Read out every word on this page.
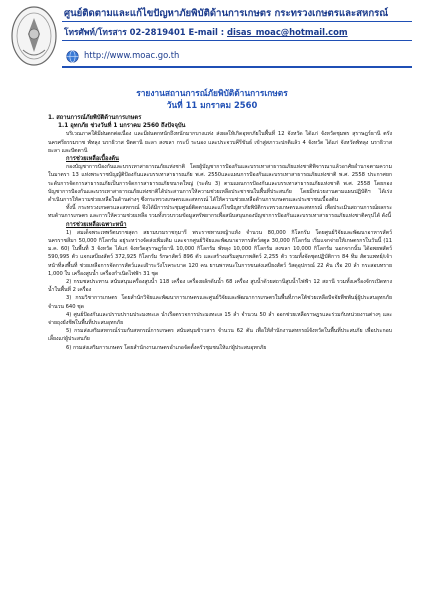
ศูนย์ติดตามและแก้ไขปัญหาภัยพิบัติด้านการเกษตร กระทรวงเกษตรและสหกรณ์
โทรศัพท์/โทรสาร 02-2819401 E-mail : disas_moac@hotmail.com
http://www.moac.go.th
รายงานสถานการณ์ภัยพิบัติด้านการเกษตร
วันที่ 11 มกราคม 2560

1. สถานการณ์ภัยพิบัติด้านการเกษตร

1.1 อุทกภัย ช่วงวันที่ 1 มกราคม 2560 ถึงปัจจุบัน

บริเวณภาคใต้มีฝนตกต่อเนื่อง และมีฝนตกหนักถึงหนักมากบางแห่ง ส่งผลให้เกิดอุทกภัยในพื้นที่ 12 จังหวัด ได้แก่ จังหวัดชุมพร สุราษฎร์ธานี ตรัง นครศรีธรรมราช พัทลุง นราธิวาส ปัตตานี ยะลา สงขลา กระบี่ ระนอง และประจวบคีรีขันธ์ เข้าสู่สภาวะปกติแล้ว 4 จังหวัด ได้แก่ จังหวัดพัทลุง นราธิวาส ยะลา และปัตตานี

การช่วยเหลือเบื้องต้น

กองบัญชาการป้องกันและบรรเทาสาธารณภัยแห่งชาติ โดยผู้บัญชาการป้องกันและบรรเทาสาธารณภัยแห่งชาติพิจารณาแล้วอาศัยอำนาจตามความในมาตรา 13 แห่งพระราชบัญญัติป้องกันและบรรเทาสาธารณภัย พ.ศ. 2550และแผนการป้องกันและบรรเทาสาธารณภัยแห่งชาติ พ.ศ. 2558 ประกาศยกระดับการจัดการสาธารณภัยเป็นการจัดการสาธารณภัยขนาดใหญ่ (ระดับ 3) ตามแผนการป้องกันและบรรเทาสาธารณภัยแห่งชาติ พ.ศ. 2558 โดยกองบัญชาการป้องกันและบรรเทาสาธารณภัยแห่งชาติได้ประสานการให้ความช่วยเหลือประชาชนในพื้นที่ประสบภัย โดยมีหน่วยงานตามแผนปฏิบัติฯ ได้เร่งดำเนินการให้ความช่วยเหลือในด้านต่างๆ ซึ่งกระทรวงเกษตรและสหกรณ์ ได้ให้ความช่วยเหลือด้านการเกษตรและประชาชนเบื้องต้น

ทั้งนี้ กระทรวงเกษตรและสหกรณ์ จึงได้มีการประชุมศูนย์ติดตามและแก้ไขปัญหาภัยพิบัติกระทรวงเกษตรและสหกรณ์ เพื่อประเมินสถานการณ์ผลกระทบด้านการเกษตร และการให้ความช่วยเหลือ รวมทั้งรวบรวมข้อมูลทรัพยากรเพื่อสนับสนุนกองบัญชาการป้องกันและบรรเทาสาธารณภัยแห่งชาติครุปได้ ดังนี้

การช่วยเหลือเฉพาะหน้า

1) สมเด็จพระเทพรัตนราชสุดา สยามบรมราชกุมารี พระราชทานหญ้าแห้ง จำนวน 80,000 กิโลกรัม โดยศูนย์วิจัยและพัฒนาอาหารสัตว์นครราชสีมา 50,000 กิโลกรัม อยู่ระหว่างจัดส่งเพิ่มเติม และจากศูนย์วิจัยและพัฒนาอาหารสัตว์สตูล 30,000 กิโลกรัม เริ่มแจกจ่ายให้เกษตรกรในวันนี้ (11 ม.ค. 60) ในพื้นที่ 3 จังหวัด ได้แก่ จังหวัดสุราษฎร์ธานี 10,000 กิโลกรัม พัทลุง 10,000 กิโลกรัม สงขลา 10,000 กิโลกรัม นอกจากนั้น ได้อพยพสัตว์ 590,995 ตัว แจกเสบียงสัตว์ 372,925 กิโลกรัม รักษาสัตว์ 896 ตัว และสร้างเสริมสุขภาพสัตว์ 2,255 ตัว รวมทั้งจัดชุดปฏิบัติการ 84 ทีม สัตวแพทย์/เจ้าหน้าที่ลงพื้นที่ ช่วยเหลือการจัดการสัตว์และเฝ้าระวังโรคระบาด 120 คน ยานพาหนะในการขนส่งเสบียงสัตว์ วัสดุอุปกรณ์ 22 คัน เรือ 20 ลำ กระสอบทราย 1,000 ใบ เครื่องสูบน้ำ เครื่องกำเนิดไฟฟ้า 31 ชุด

2) กรมชลประทาน สนับสนุนเครื่องสูบน้ำ 118 เครื่อง เครื่องผลักดันน้ำ 68 เครื่อง สูบน้ำด้วยสถานีสูบน้ำไฟฟ้า 12 สถานี รวมทั้งเครื่องจักรเปิดทางน้ำในพื้นที่ 2 เครื่อง

3) กรมวิชาการเกษตร โดยสำนักวิจัยและพัฒนาการเกษตรและศูนย์วิจัยและพัฒนาการเกษตรในพื้นที่ภาคใต้ช่วยเหลือปัจจัยพืชพันธุ์ผู้ประสบอุทกภัยจำนวน 640 ชุด

4) ศูนย์ป้องกันและปราบปรามประมงทะเล นำเรือตรวจการประมงทะเล 15 ลำ จำนวน 50 ลำ ออกช่วยเหลือราษฎรและร่วมกับหน่วยงานต่างๆ และจ่ายถุงยังชีพในพื้นที่ประสบอุทกภัย

5) กรมส่งเสริมสหกรณ์ร่วมกับสหกรณ์การเกษตร สนับสนุนข้าวสาร จำนวน 62 ตัน เพื่อให้สำนักงานสหกรณ์จังหวัดในพื้นที่ประสบภัย เพื่อประกอบเลี้ยงแก่ผู้ประสบภัย

6) กรมส่งเสริมการเกษตร โดยสำนักงานเกษตรอำเภอจัดตั้งครัวชุมชนให้แก่ผู้ประสบอุทกภัย
